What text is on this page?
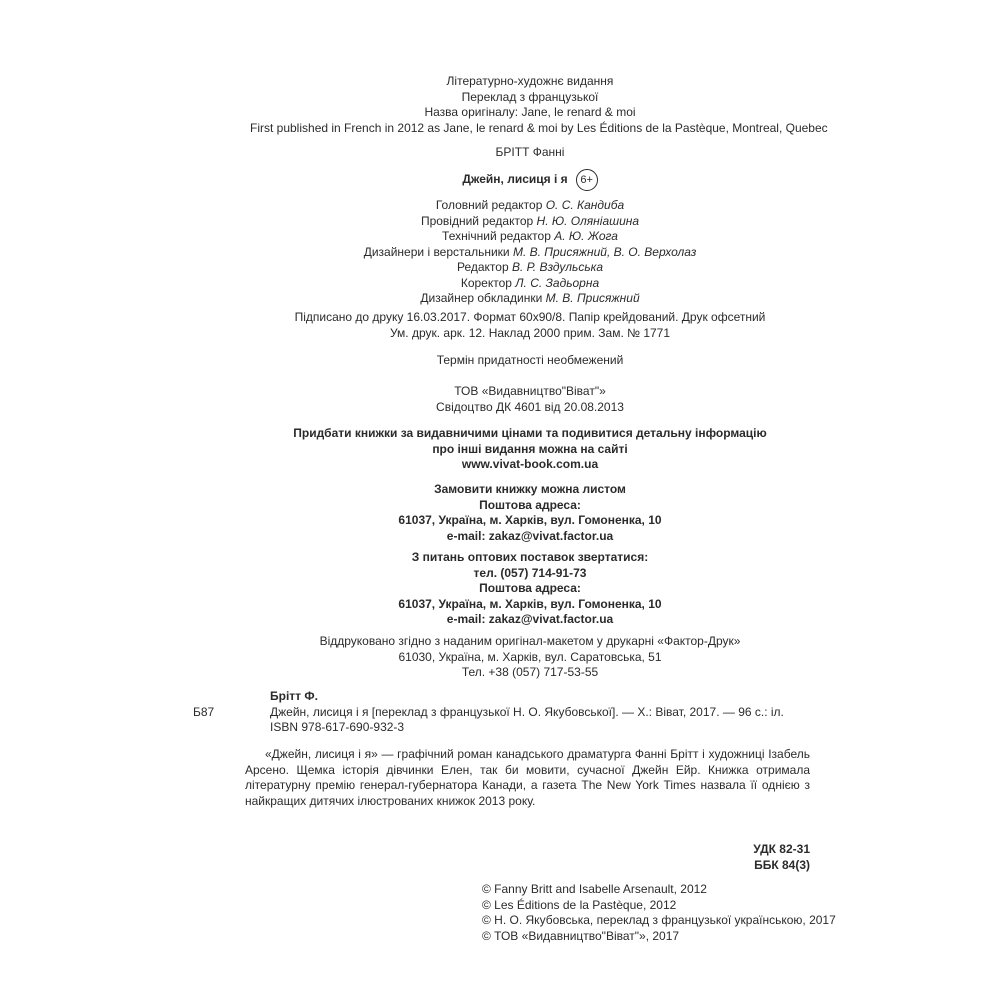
Літературно-художнє видання
Переклад з французької
Назва оригіналу: Jane, le renard & moi
First published in French in 2012 as Jane, le renard & moi by Les Éditions de la Pastèque, Montreal, Quebec
БРІТТ Фанні
Джейн, лисиця і я 6+
Головний редактор О. С. Кандиба
Провідний редактор Н. Ю. Оляніашина
Технічний редактор А. Ю. Жога
Дизайнери і верстальники М. В. Присяжний, В. О. Верхолаз
Редактор В. Р. Вздульська
Коректор Л. С. Задьорна
Дизайнер обкладинки М. В. Присяжний
Підписано до друку 16.03.2017. Формат 60х90/8. Папір крейдований. Друк офсетний
Ум. друк. арк. 12. Наклад 2000 прим. Зам. № 1771
Термін придатності необмежений
ТОВ «Видавництво"Віват"»
Свідоцтво ДК 4601 від 20.08.2013
Придбати книжки за видавничими цінами та подивитися детальну інформацію
про інші видання можна на сайті
www.vivat-book.com.ua
Замовити книжку можна листом
Поштова адреса:
61037, Україна, м. Харків, вул. Гомоненка, 10
e-mail: zakaz@vivat.factor.ua
З питань оптових поставок звертатися:
тел. (057) 714-91-73
Поштова адреса:
61037, Україна, м. Харків, вул. Гомоненка, 10
e-mail: zakaz@vivat.factor.ua
Віддруковано згідно з наданим оригінал-макетом у друкарні «Фактор-Друк»
61030, Україна, м. Харків, вул. Саратовська, 51
Тел. +38 (057) 717-53-55
Брітт Ф.
Джейн, лисиця і я [переклад з французької Н. О. Якубовської]. — Х.: Віват, 2017. — 96 с.: іл.
ISBN 978-617-690-932-3
Б87
«Джейн, лисиця і я» — графічний роман канадського драматурга Фанні Брітт і художниці Ізабель Арсено. Щемка історія дівчинки Елен, так би мовити, сучасної Джейн Ейр. Книжка отримала літературну премію генерал-губернатора Канади, а газета The New York Times назвала її однією з найкращих дитячих ілюстрованих книжок 2013 року.
УДК 82-31
ББК 84(3)
© Fanny Britt and Isabelle Arsenault, 2012
© Les Éditions de la Pastèque, 2012
© Н. О. Якубовська, переклад з французької українською, 2017
© ТОВ «Видавництво"Віват"», 2017
